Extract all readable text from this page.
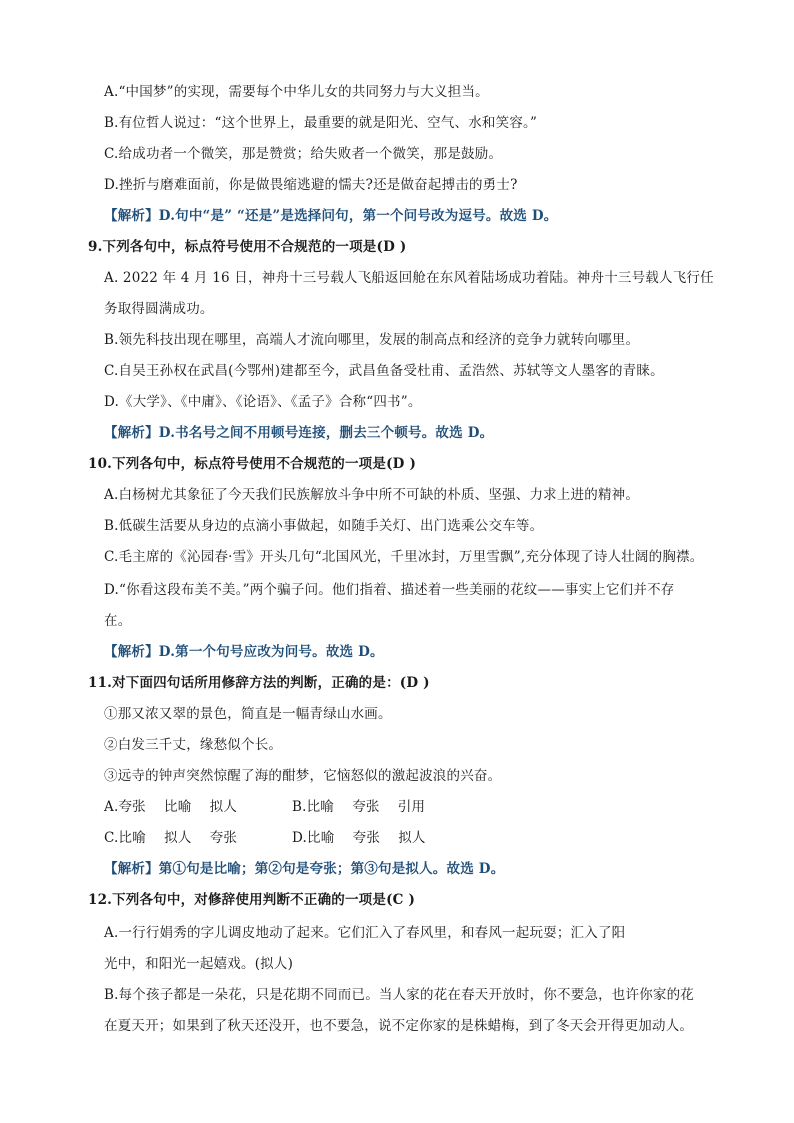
A.“中国梦”的实现，需要每个中华儿女的共同努力与大义担当。
B.有位哲人说过：“这个世界上，最重要的就是阳光、空气、水和笑容。”
C.给成功者一个微笑，那是赞赏；给失败者一个微笑，那是鼓励。
D.挫折与磨难面前，你是做畏缩逃避的懦夫?还是做奋起搏击的勇士?
【解析】D.句中“是” “还是”是选择问句，第一个问号改为逗号。故选 D。
9.下列各句中，标点符号使用不合规范的一项是(D )
A. 2022 年 4 月 16 日，神舟十三号载人飞船返回舱在东风着陆场成功着陆。神舟十三号载人飞行任
务取得圆满成功。
B.领先科技出现在哪里，高端人才流向哪里，发展的制高点和经济的竞争力就转向哪里。
C.自吴王孙权在武昌(今鄂州)建都至今，武昌鱼备受杜甫、孟浩然、苏轼等文人墨客的青睐。
D.《大学》、《中庸》、《论语》、《孟子》合称“四书”。
【解析】D.书名号之间不用顿号连接，删去三个顿号。故选 D。
10.下列各句中，标点符号使用不合规范的一项是(D )
A.白杨树尤其象征了今天我们民族解放斗争中所不可缺的朴质、坚强、力求上进的精神。
B.低碳生活要从身边的点滴小事做起，如随手关灯、出门选乘公交车等。
C.毛主席的《沁园春·雪》开头几句“北国风光，千里冰封，万里雪飘”,充分体现了诗人壮阔的胸襟。
D.“你看这段布美不美。”两个骗子问。他们指着、描述着一些美丽的花纹——事实上它们并不存
在。
【解析】D.第一个句号应改为问号。故选 D。
11.对下面四句话所用修辞方法的判断，正确的是：(D )
①那又浓又翠的景色，简直是一幅青绿山水画。
②白发三千丈，缘愁似个长。
③远寺的钟声突然惊醒了海的酣梦，它恼怒似的激起波浪的兴奋。
A.夸张　 比喻　 拟人	B.比喻　 夸张　 引用
C.比喻　 拟人　 夸张	D.比喻　 夸张　 拟人
【解析】第①句是比喻；第②句是夸张；第③句是拟人。故选 D。
12.下列各句中，对修辞使用判断不正确的一项是(C )
A.一行行娟秀的字儿调皮地动了起来。它们汇入了春风里，和春风一起玩耍；汇入了阳
光中，和阳光一起嬉戏。(拟人)
B.每个孩子都是一朵花，只是花期不同而已。当人家的花在春天开放时，你不要急，也许你家的花
在夏天开；如果到了秋天还没开，也不要急，说不定你家的是株蜡梅，到了冬天会开得更加动人。
